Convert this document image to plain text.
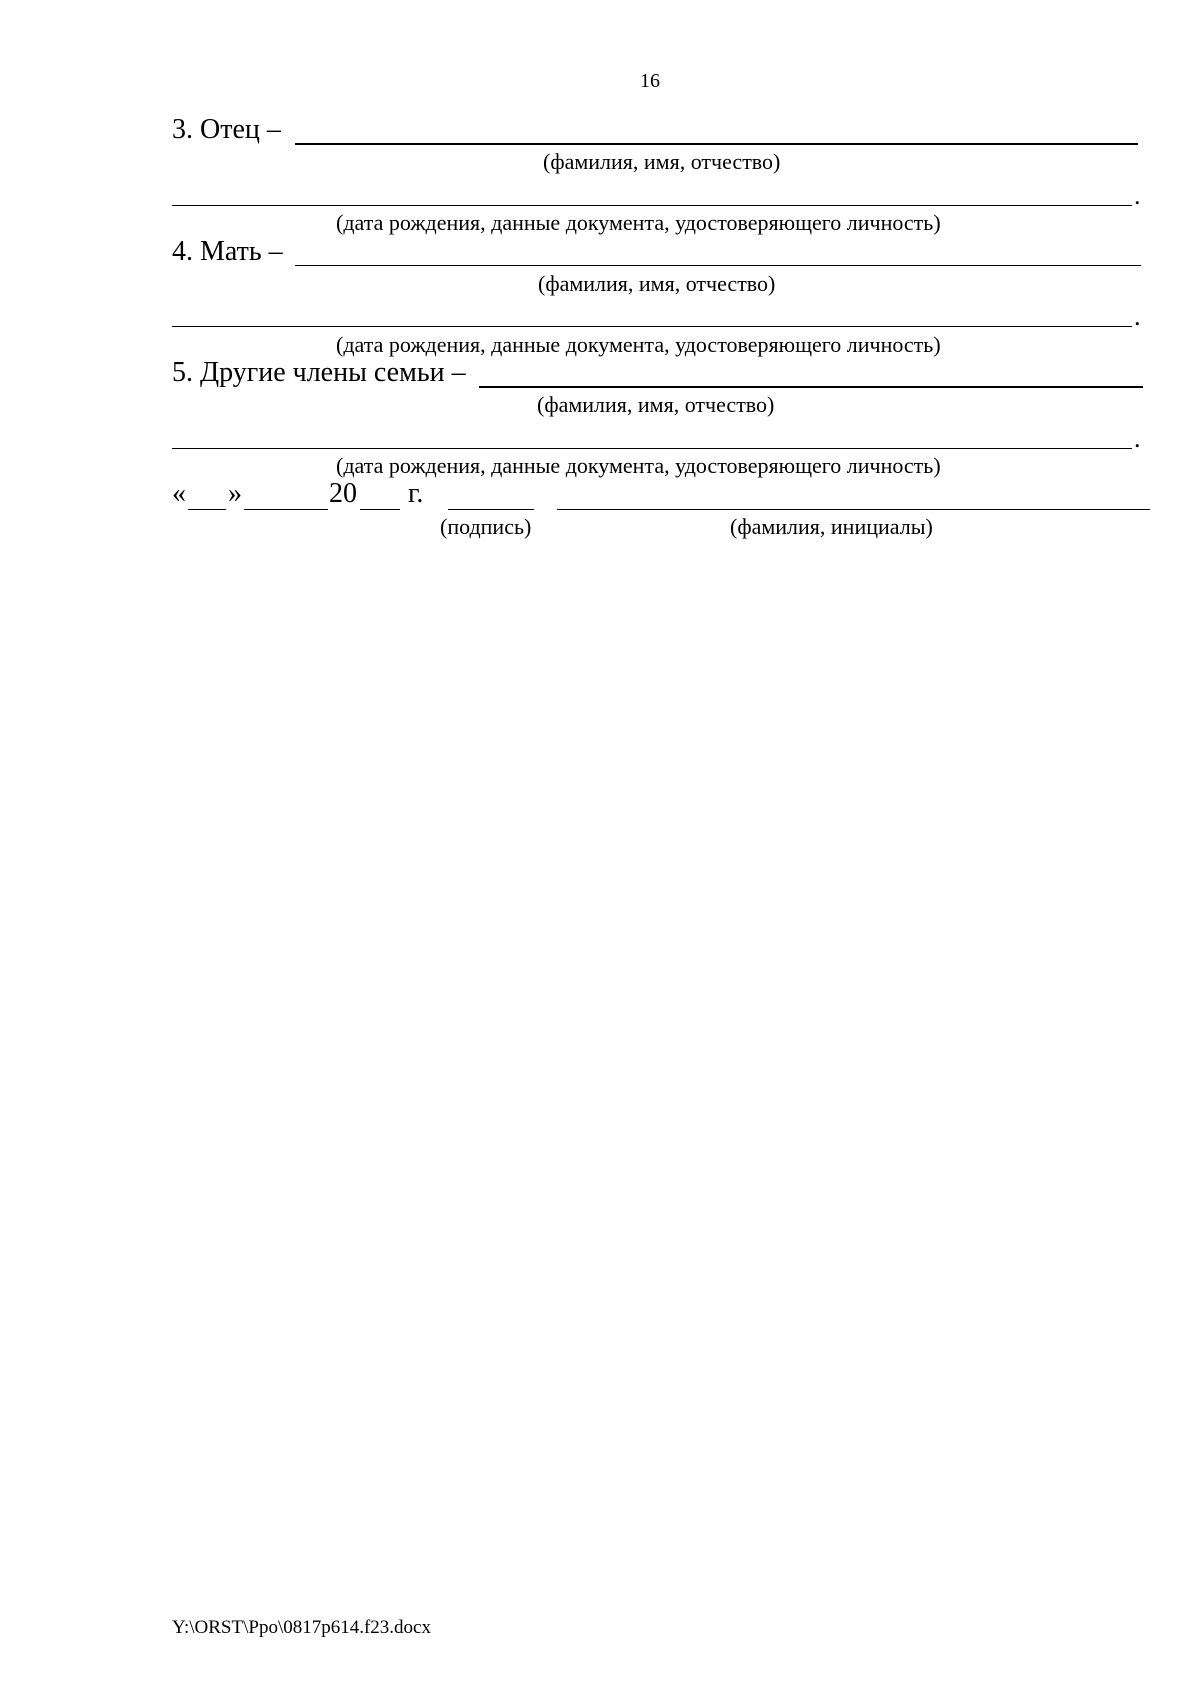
16
3. Отец –
(фамилия, имя, отчество)
.
(дата рождения, данные документа, удостоверяющего личность)
4. Мать –
(фамилия, имя, отчество)
.
(дата рождения, данные документа, удостоверяющего личность)
5. Другие члены семьи –
(фамилия, имя, отчество)
.
(дата рождения, данные документа, удостоверяющего личность)
« »	20 г.
(подпись)	(фамилия, инициалы)
Y:\ORST\Ppo\0817p614.f23.docx
